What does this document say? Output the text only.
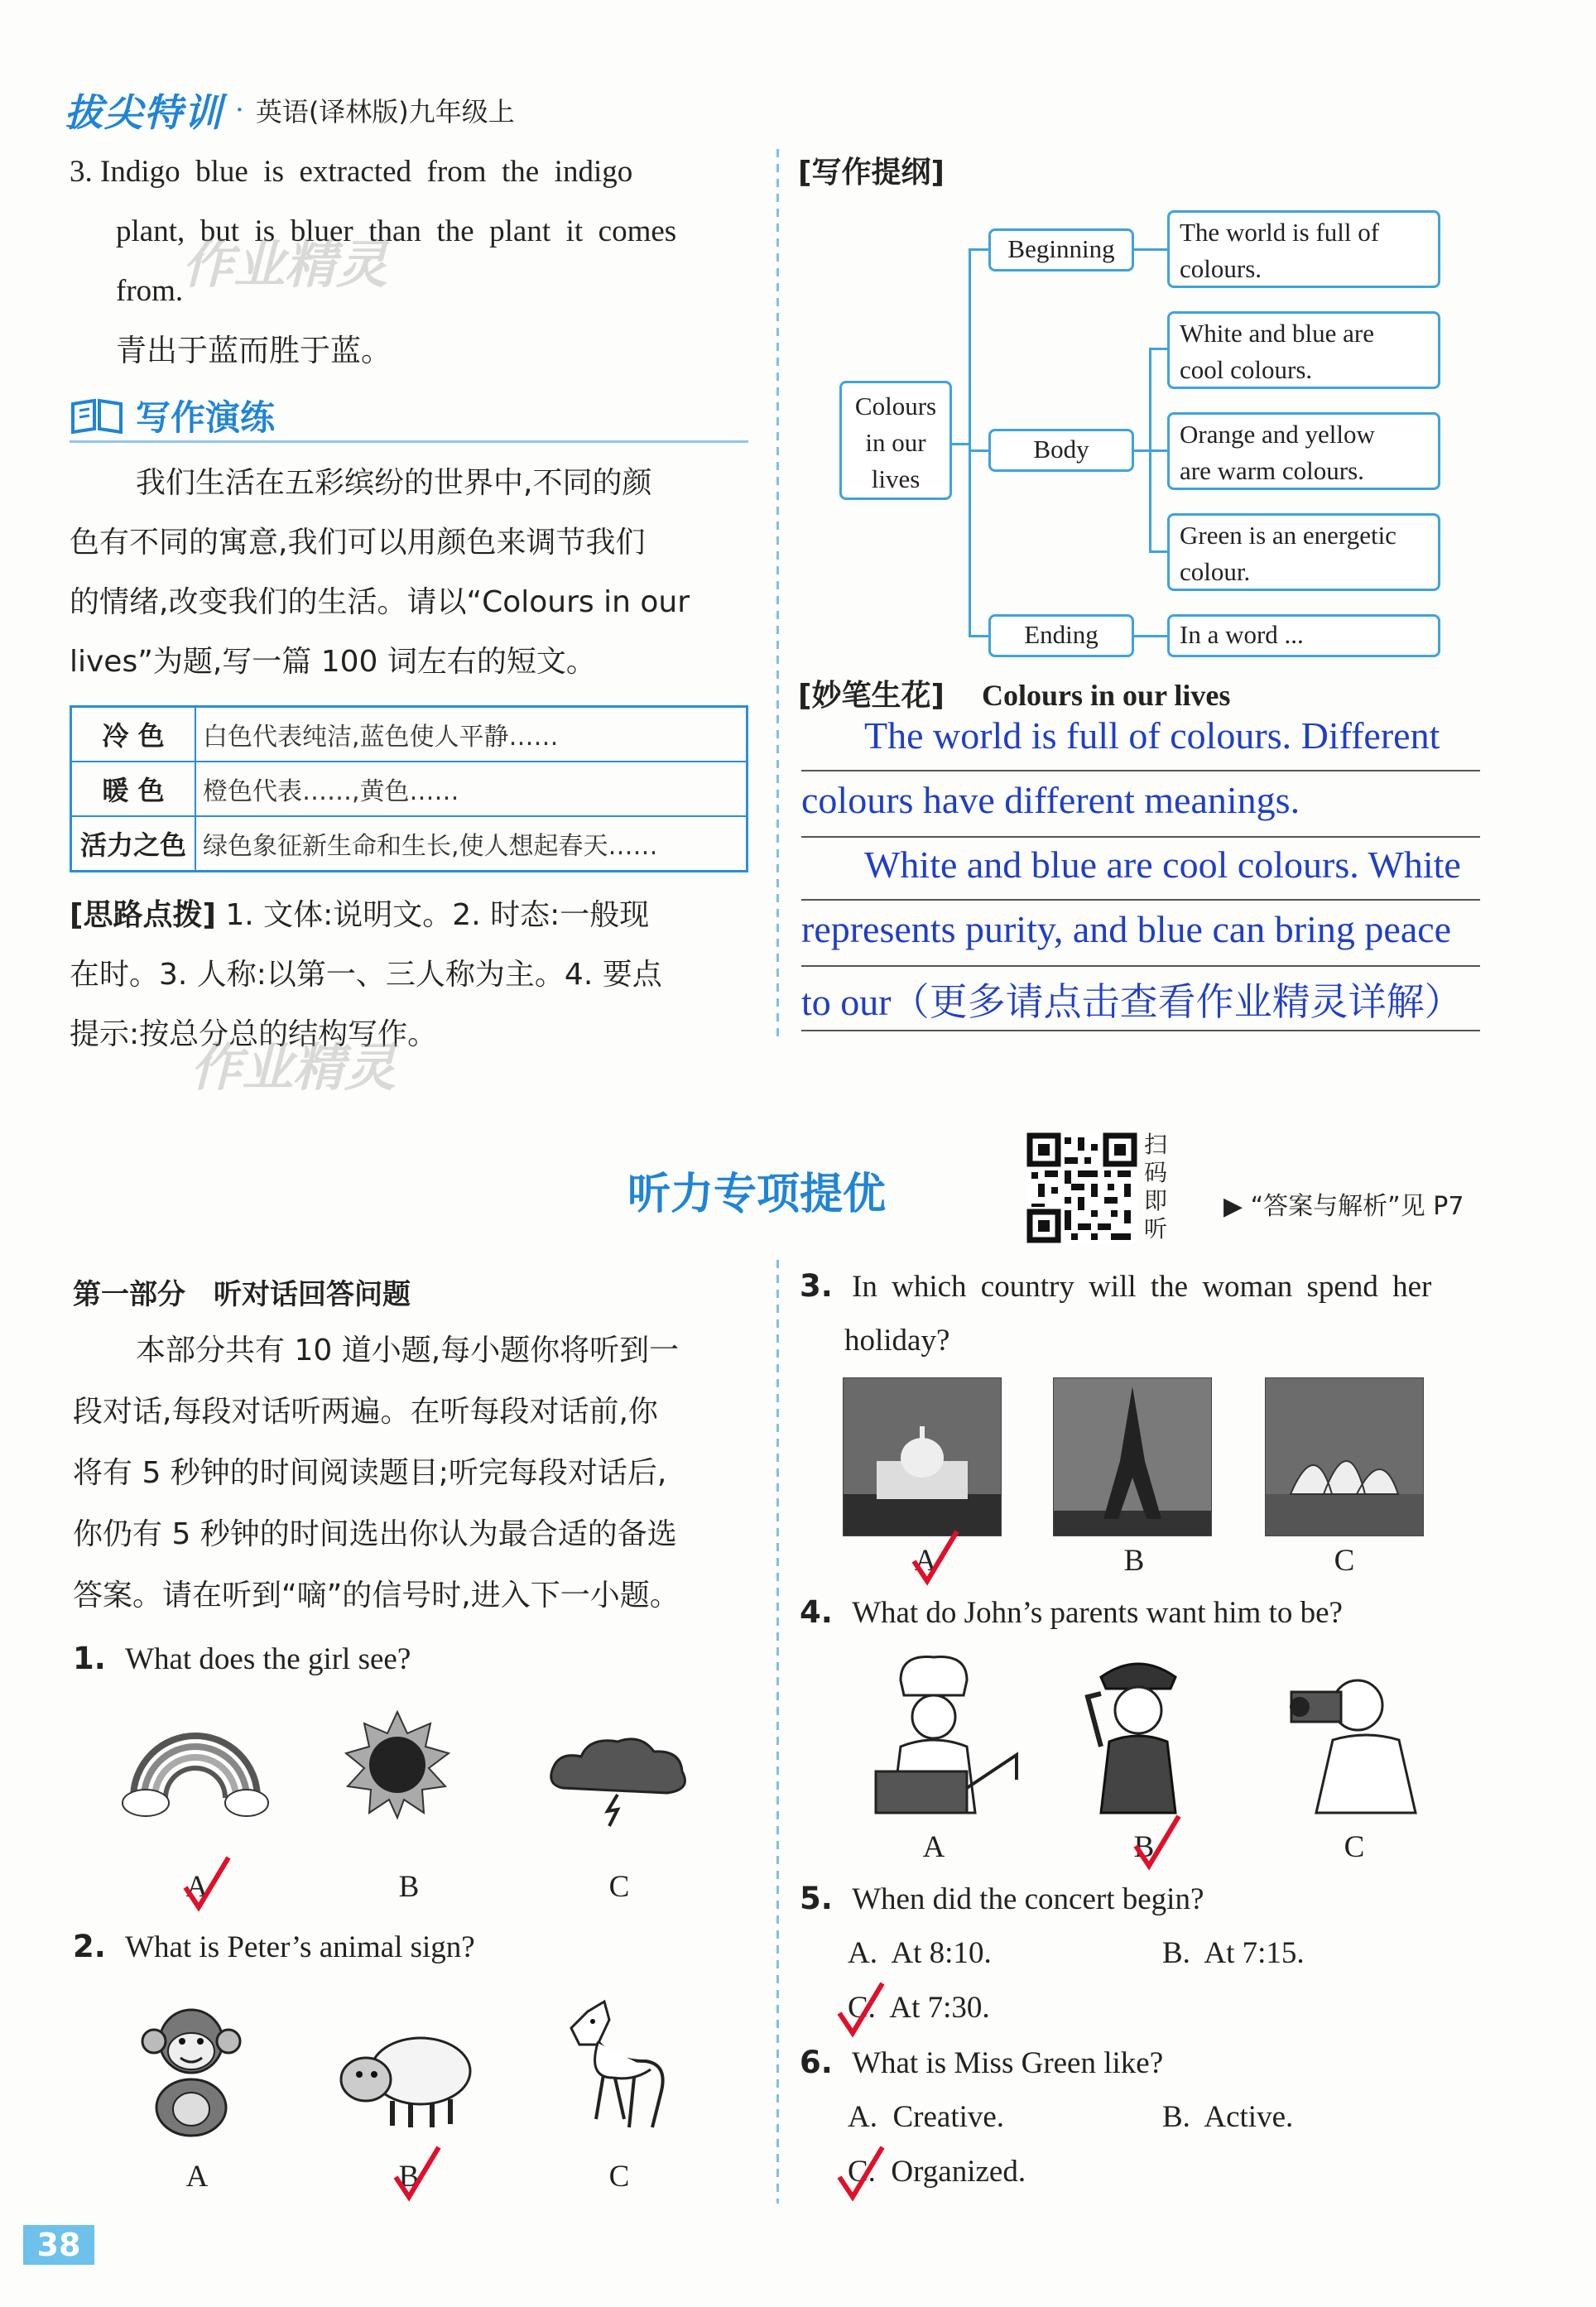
拔尖特训 · 英语(译林版)九年级上
3. Indigo  blue  is  extracted  from  the  indigo
plant,  but  is  bluer  than  the  plant  it  comes
from.
青出于蓝而胜于蓝。
作业精灵
写作演练
我们生活在五彩缤纷的世界中,不同的颜
色有不同的寓意,我们可以用颜色来调节我们
的情绪,改变我们的生活。请以“Colours in our
lives”为题,写一篇 100 词左右的短文。
冷 色	白色代表纯洁,蓝色使人平静……
暖 色	橙色代表……,黄色……
活力之色	绿色象征新生命和生长,使人想起春天……
[思路点拨] 1. 文体:说明文。2. 时态:一般现
在时。3. 人称:以第一、三人称为主。4. 要点
提示:按总分总的结构写作。
作业精灵
[写作提纲]
Colours
in our
lives
Beginning
Body
Ending
The world is full of
colours.
White and blue are
cool colours.
Orange and yellow
are warm colours.
Green is an energetic
colour.
In a word ...
[妙笔生花] Colours in our lives
The world is full of colours. Different
colours have different meanings.
White and blue are cool colours. White
represents purity, and blue can bring peace
to our（更多请点击查看作业精灵详解）
听力专项提优
扫
码
即
听
▶ “答案与解析”见 P7
第一部分　听对话回答问题
本部分共有 10 道小题,每小题你将听到一
段对话,每段对话听两遍。在听每段对话前,你
将有 5 秒钟的时间阅读题目;听完每段对话后,
你仍有 5 秒钟的时间选出你认为最合适的备选
答案。请在听到“嘀”的信号时,进入下一小题。
1. What does the girl see?
A	B	C
2. What is Peter’s animal sign?
A	B	C
3. In which country will the woman spend her
holiday?
A	B	C
4. What do John’s parents want him to be?
A	B	C
5. When did the concert begin?
A.  At 8:10.	B.  At 7:15.
C.  At 7:30.
6. What is Miss Green like?
A.  Creative.	B.  Active.
C.  Organized.
38
